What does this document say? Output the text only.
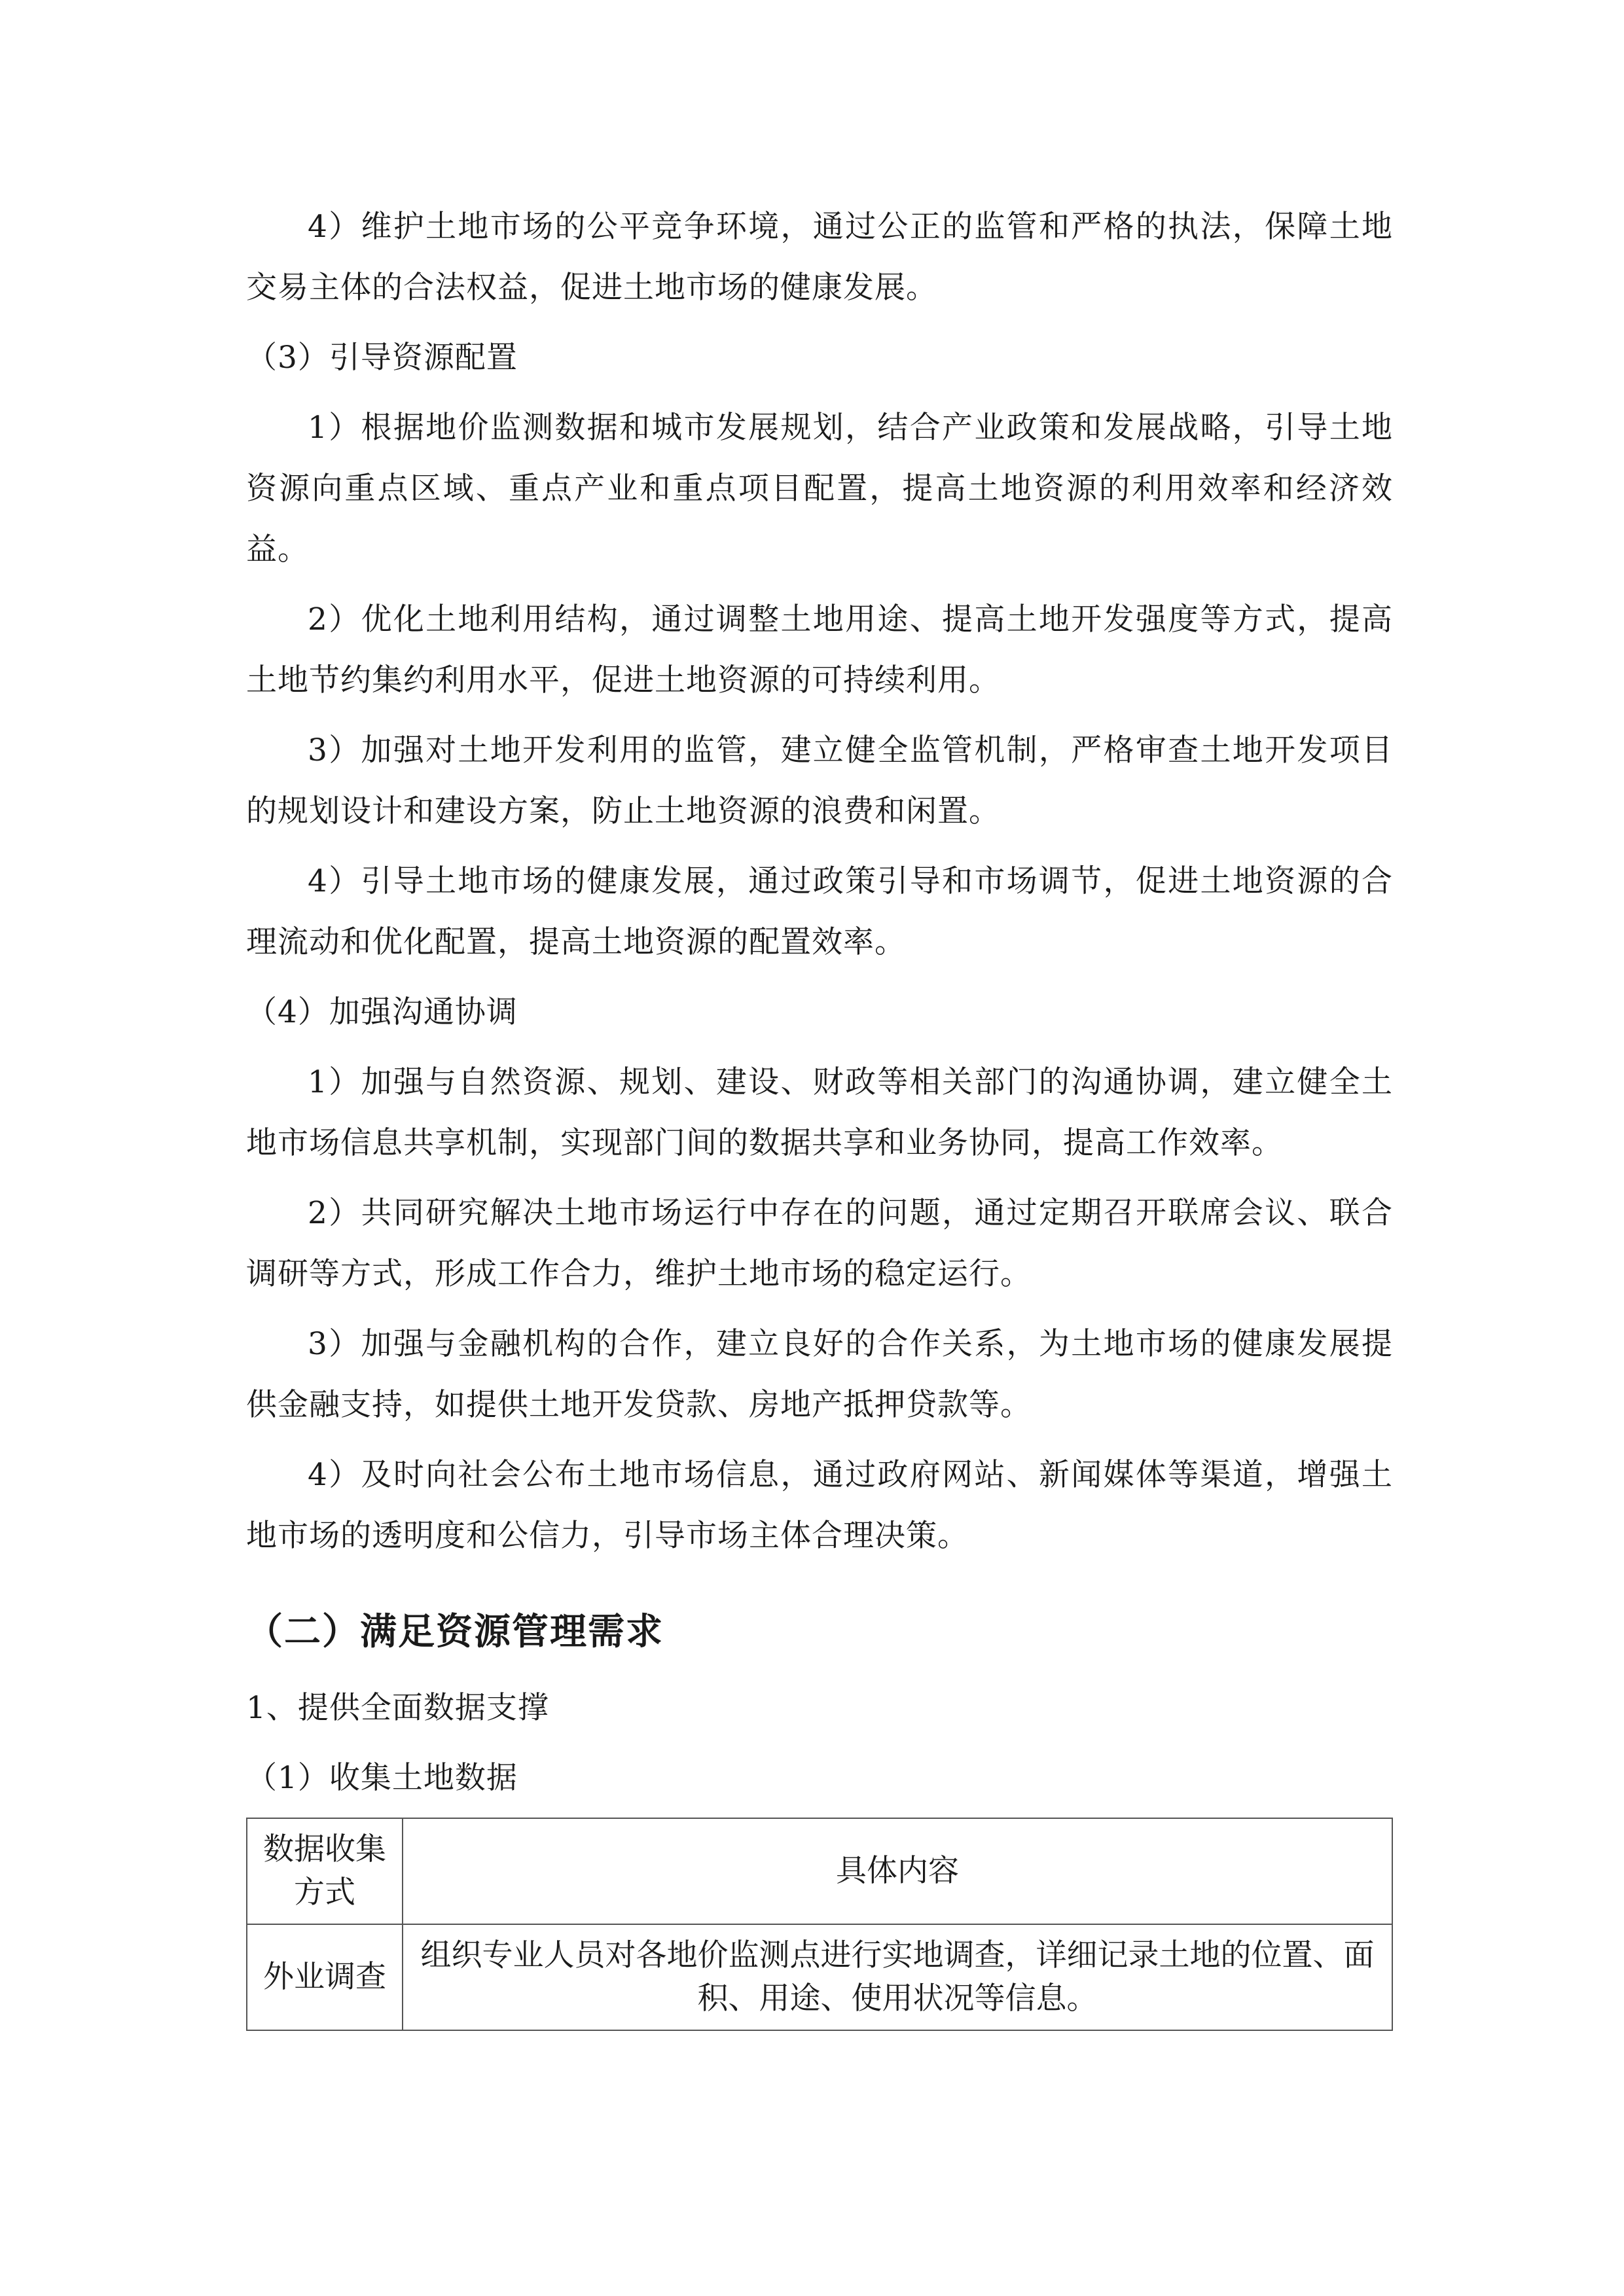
4）维护土地市场的公平竞争环境，通过公正的监管和严格的执法，保障土地交易主体的合法权益，促进土地市场的健康发展。

（3）引导资源配置

1）根据地价监测数据和城市发展规划，结合产业政策和发展战略，引导土地资源向重点区域、重点产业和重点项目配置，提高土地资源的利用效率和经济效益。

2）优化土地利用结构，通过调整土地用途、提高土地开发强度等方式，提高土地节约集约利用水平，促进土地资源的可持续利用。

3）加强对土地开发利用的监管，建立健全监管机制，严格审查土地开发项目的规划设计和建设方案，防止土地资源的浪费和闲置。

4）引导土地市场的健康发展，通过政策引导和市场调节，促进土地资源的合理流动和优化配置，提高土地资源的配置效率。

（4）加强沟通协调

1）加强与自然资源、规划、建设、财政等相关部门的沟通协调，建立健全土地市场信息共享机制，实现部门间的数据共享和业务协同，提高工作效率。

2）共同研究解决土地市场运行中存在的问题，通过定期召开联席会议、联合调研等方式，形成工作合力，维护土地市场的稳定运行。

3）加强与金融机构的合作，建立良好的合作关系，为土地市场的健康发展提供金融支持，如提供土地开发贷款、房地产抵押贷款等。

4）及时向社会公布土地市场信息，通过政府网站、新闻媒体等渠道，增强土地市场的透明度和公信力，引导市场主体合理决策。

（二）满足资源管理需求

1、提供全面数据支撑

（1）收集土地数据

数据收集方式	具体内容
外业调查	组织专业人员对各地价监测点进行实地调查，详细记录土地的位置、面积、用途、使用状况等信息。
